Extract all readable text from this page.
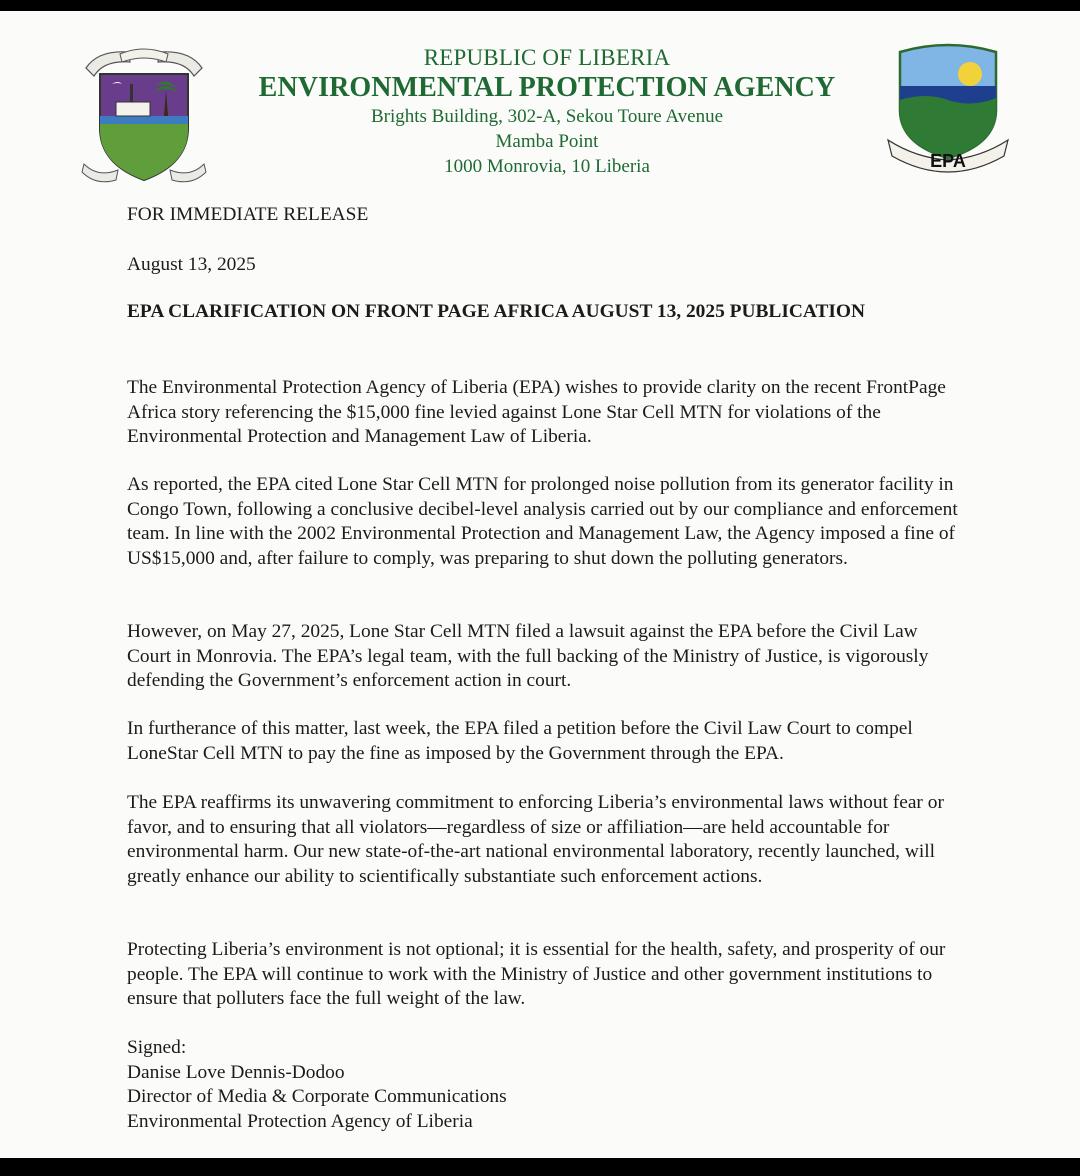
REPUBLIC OF LIBERIA
ENVIRONMENTAL PROTECTION AGENCY
Brights Building, 302-A, Sekou Toure Avenue
Mamba Point
1000 Monrovia, 10 Liberia	EPA
FOR IMMEDIATE RELEASE
August 13, 2025
EPA CLARIFICATION ON FRONT PAGE AFRICA AUGUST 13, 2025 PUBLICATION

The Environmental Protection Agency of Liberia (EPA) wishes to provide clarity on the recent FrontPage Africa story referencing the $15,000 fine levied against Lone Star Cell MTN for violations of the Environmental Protection and Management Law of Liberia.

As reported, the EPA cited Lone Star Cell MTN for prolonged noise pollution from its generator facility in Congo Town, following a conclusive decibel-level analysis carried out by our compliance and enforcement team. In line with the 2002 Environmental Protection and Management Law, the Agency imposed a fine of US$15,000 and, after failure to comply, was preparing to shut down the polluting generators.

However, on May 27, 2025, Lone Star Cell MTN filed a lawsuit against the EPA before the Civil Law Court in Monrovia. The EPA’s legal team, with the full backing of the Ministry of Justice, is vigorously defending the Government’s enforcement action in court.

In furtherance of this matter, last week, the EPA filed a petition before the Civil Law Court to compel LoneStar Cell MTN to pay the fine as imposed by the Government through the EPA.

The EPA reaffirms its unwavering commitment to enforcing Liberia’s environmental laws without fear or favor, and to ensuring that all violators—regardless of size or affiliation—are held accountable for environmental harm. Our new state-of-the-art national environmental laboratory, recently launched, will greatly enhance our ability to scientifically substantiate such enforcement actions.

Protecting Liberia’s environment is not optional; it is essential for the health, safety, and prosperity of our people. The EPA will continue to work with the Ministry of Justice and other government institutions to ensure that polluters face the full weight of the law.

Signed:
Danise Love Dennis-Dodoo
Director of Media & Corporate Communications
Environmental Protection Agency of Liberia
